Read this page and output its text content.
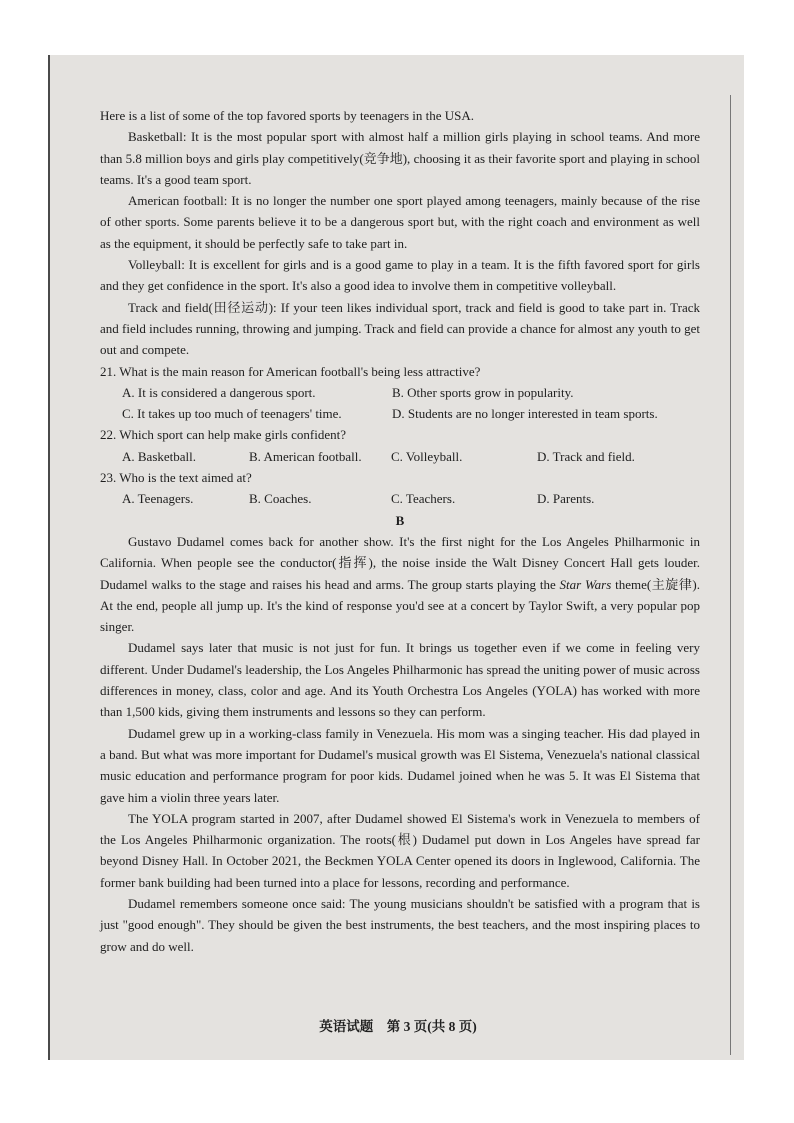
Here is a list of some of the top favored sports by teenagers in the USA.

Basketball: It is the most popular sport with almost half a million girls playing in school teams. And more than 5.8 million boys and girls play competitively(竞争地), choosing it as their favorite sport and playing in school teams. It's a good team sport.

American football: It is no longer the number one sport played among teenagers, mainly because of the rise of other sports. Some parents believe it to be a dangerous sport but, with the right coach and environment as well as the equipment, it should be perfectly safe to take part in.

Volleyball: It is excellent for girls and is a good game to play in a team. It is the fifth favored sport for girls and they get confidence in the sport. It's also a good idea to involve them in competitive volleyball.

Track and field(田径运动): If your teen likes individual sport, track and field is good to take part in. Track and field includes running, throwing and jumping. Track and field can provide a chance for almost any youth to get out and compete.

21. What is the main reason for American football's being less attractive?

A. It is considered a dangerous sport.	B. Other sports grow in popularity.
C. It takes up too much of teenagers' time.	D. Students are no longer interested in team sports.

22. Which sport can help make girls confident?

A. Basketball.	B. American football.	C. Volleyball.	D. Track and field.

23. Who is the text aimed at?

A. Teenagers.	B. Coaches.	C. Teachers.	D. Parents.

B

Gustavo Dudamel comes back for another show. It's the first night for the Los Angeles Philharmonic in California. When people see the conductor(指挥), the noise inside the Walt Disney Concert Hall gets louder. Dudamel walks to the stage and raises his head and arms. The group starts playing the Star Wars theme(主旋律). At the end, people all jump up. It's the kind of response you'd see at a concert by Taylor Swift, a very popular pop singer.

Dudamel says later that music is not just for fun. It brings us together even if we come in feeling very different. Under Dudamel's leadership, the Los Angeles Philharmonic has spread the uniting power of music across differences in money, class, color and age. And its Youth Orchestra Los Angeles (YOLA) has worked with more than 1,500 kids, giving them instruments and lessons so they can perform.

Dudamel grew up in a working-class family in Venezuela. His mom was a singing teacher. His dad played in a band. But what was more important for Dudamel's musical growth was El Sistema, Venezuela's national classical music education and performance program for poor kids. Dudamel joined when he was 5. It was El Sistema that gave him a violin three years later.

The YOLA program started in 2007, after Dudamel showed El Sistema's work in Venezuela to members of the Los Angeles Philharmonic organization. The roots(根) Dudamel put down in Los Angeles have spread far beyond Disney Hall. In October 2021, the Beckmen YOLA Center opened its doors in Inglewood, California. The former bank building had been turned into a place for lessons, recording and performance.

Dudamel remembers someone once said: The young musicians shouldn't be satisfied with a program that is just "good enough". They should be given the best instruments, the best teachers, and the most inspiring places to grow and do well.

英语试题　第 3 页(共 8 页)
